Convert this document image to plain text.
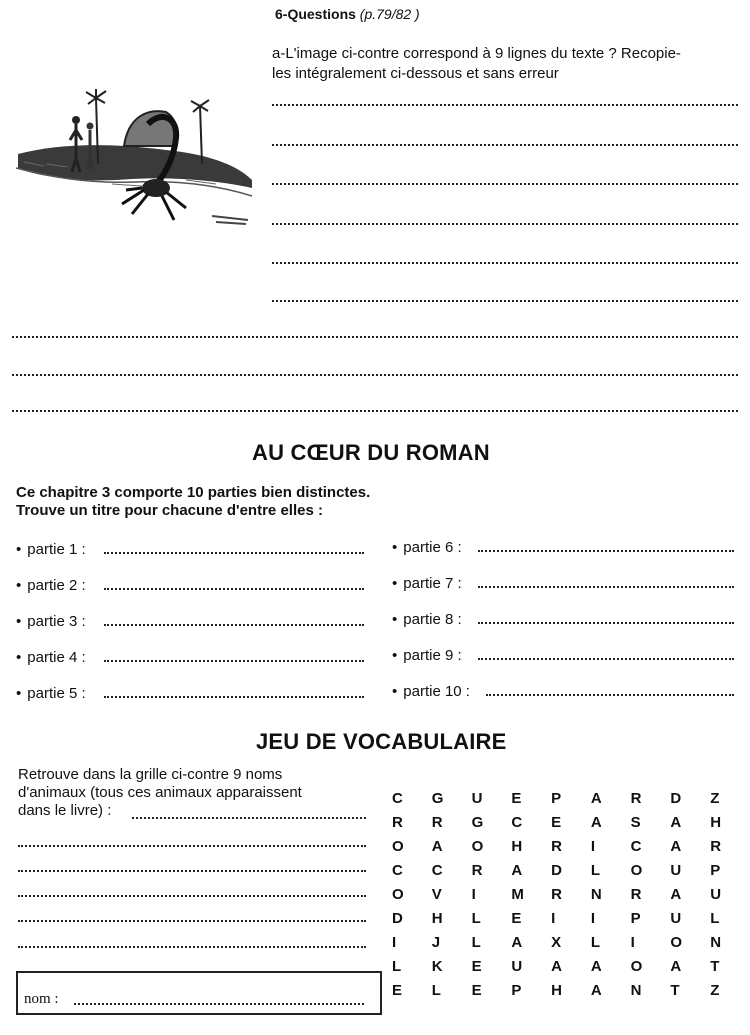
6-Questions (p.79/82 )
a-L'image ci-contre correspond à 9 lignes du texte ? Recopie-
les intégralement ci-dessous et sans erreur
AU CŒUR DU ROMAN
Ce chapitre 3 comporte 10 parties bien distinctes.
Trouve un titre pour chacune d'entre elles :
• partie 1 :
• partie 2 :
• partie 3 :
• partie 4 :
• partie 5 :
• partie 6 :
• partie 7 :
• partie 8 :
• partie 9 :
• partie 10 :
JEU DE VOCABULAIRE
Retrouve dans la grille ci-contre 9 noms
d'animaux (tous ces animaux apparaissent
dans le livre) :
C	G	U	E	P	A	R	D	Z
R	R	G	C	E	A	S	A	H
O	A	O	H	R	I	C	A	R
C	C	R	A	D	L	O	U	P
O	V	I	M	R	N	R	A	U
D	H	L	E	I	I	P	U	L
I	J	L	A	X	L	I	O	N
L	K	E	U	A	A	O	A	T
E	L	E	P	H	A	N	T	Z
nom :
